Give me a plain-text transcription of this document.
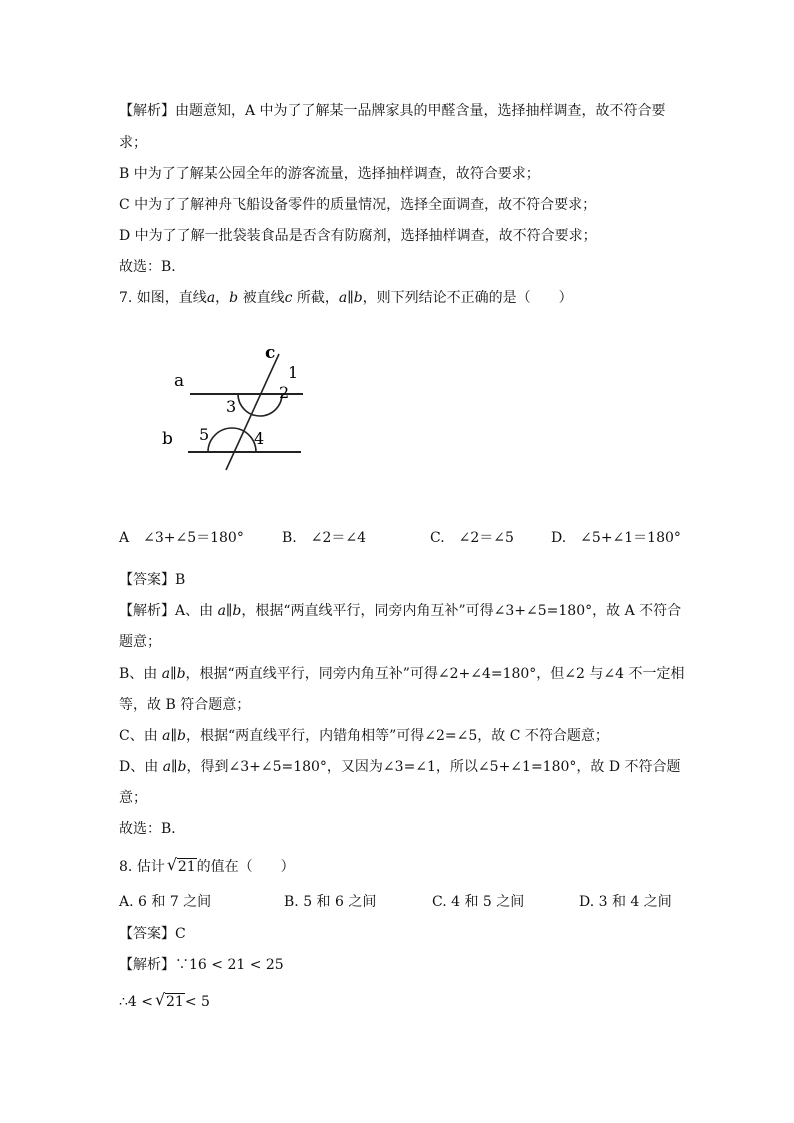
【解析】由题意知，A 中为了了解某一品牌家具的甲醛含量，选择抽样调查，故不符合要
求；
B 中为了了解某公园全年的游客流量，选择抽样调查，故符合要求；
C 中为了了解神舟飞船设备零件的质量情况，选择全面调查，故不符合要求；
D 中为了了解一批袋装食品是否含有防腐剂，选择抽样调查，故不符合要求；
故选：B．
7. 如图，直线a，b 被直线c 所截，a∥b，则下列结论不正确的是（　　）
a
b
c
1
2
3
4
5
A　∠3+∠5＝180°	B.　∠2＝∠4	C.　∠2＝∠5	D.　∠5+∠1＝180°
【答案】B
【解析】A、由 a∥b，根据“两直线平行，同旁内角互补”可得∠3+∠5=180°，故 A 不符合
题意；
B、由 a∥b，根据“两直线平行，同旁内角互补”可得∠2+∠4=180°，但∠2 与∠4 不一定相
等，故 B 符合题意；
C、由 a∥b，根据“两直线平行，内错角相等”可得∠2=∠5，故 C 不符合题意；
D、由 a∥b，得到∠3+∠5=180°，又因为∠3=∠1，所以∠5+∠1=180°，故 D 不符合题
意；
故选：B．
8. 估计 √ 21的值在（　　）
A. 6 和 7 之间	B. 5 和 6 之间	C. 4 和 5 之间	D. 3 和 4 之间
【答案】C
【解析】∵16 < 21 < 25
∴4 < √ 21< 5
